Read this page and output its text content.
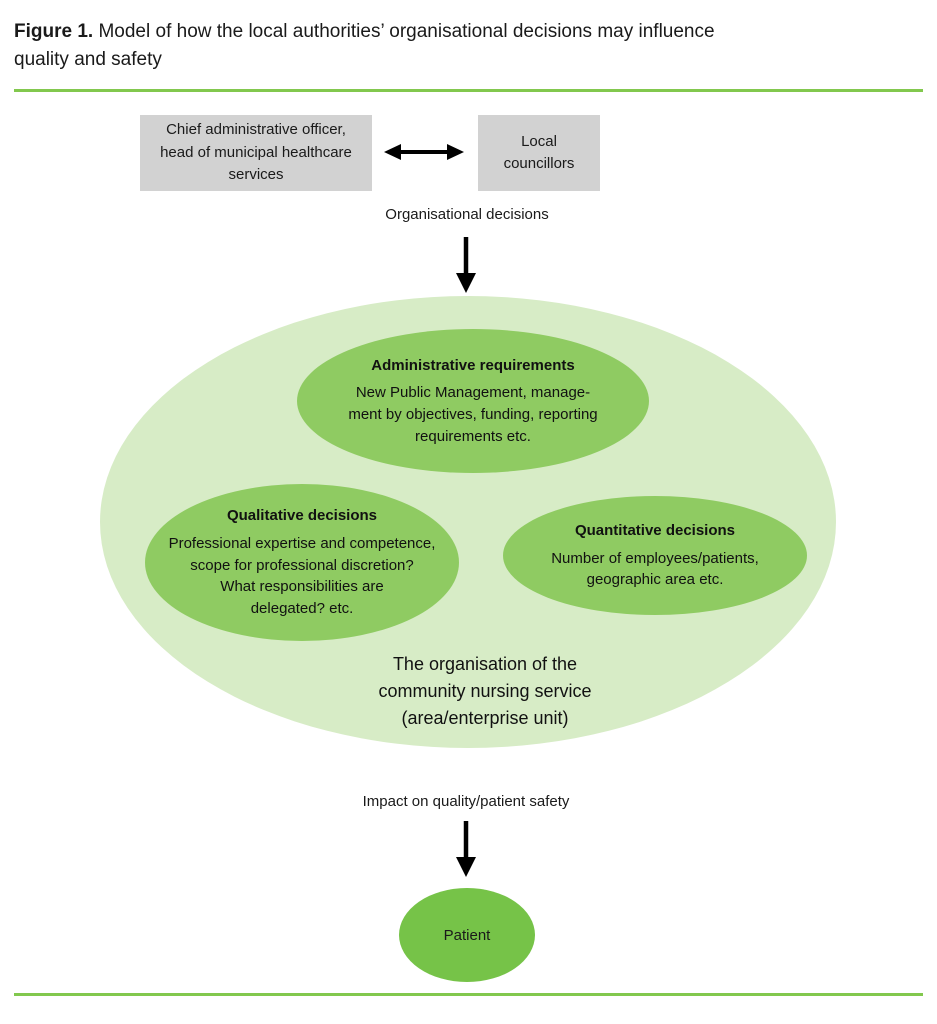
Figure 1. Model of how the local authorities’ organisational decisions may influence
quality and safety
Chief administrative officer, head of municipal healthcare services
Local councillors
Organisational decisions
Administrative requirements
New Public Management, manage-
ment by objectives, funding, reporting
requirements etc.
Qualitative decisions
Professional expertise and competence,
scope for professional discretion?
What responsibilities are
delegated? etc.
Quantitative decisions
Number of employees/patients,
geographic area etc.
The organisation of the
community nursing service
(area/enterprise unit)
Impact on quality/patient safety
Patient
